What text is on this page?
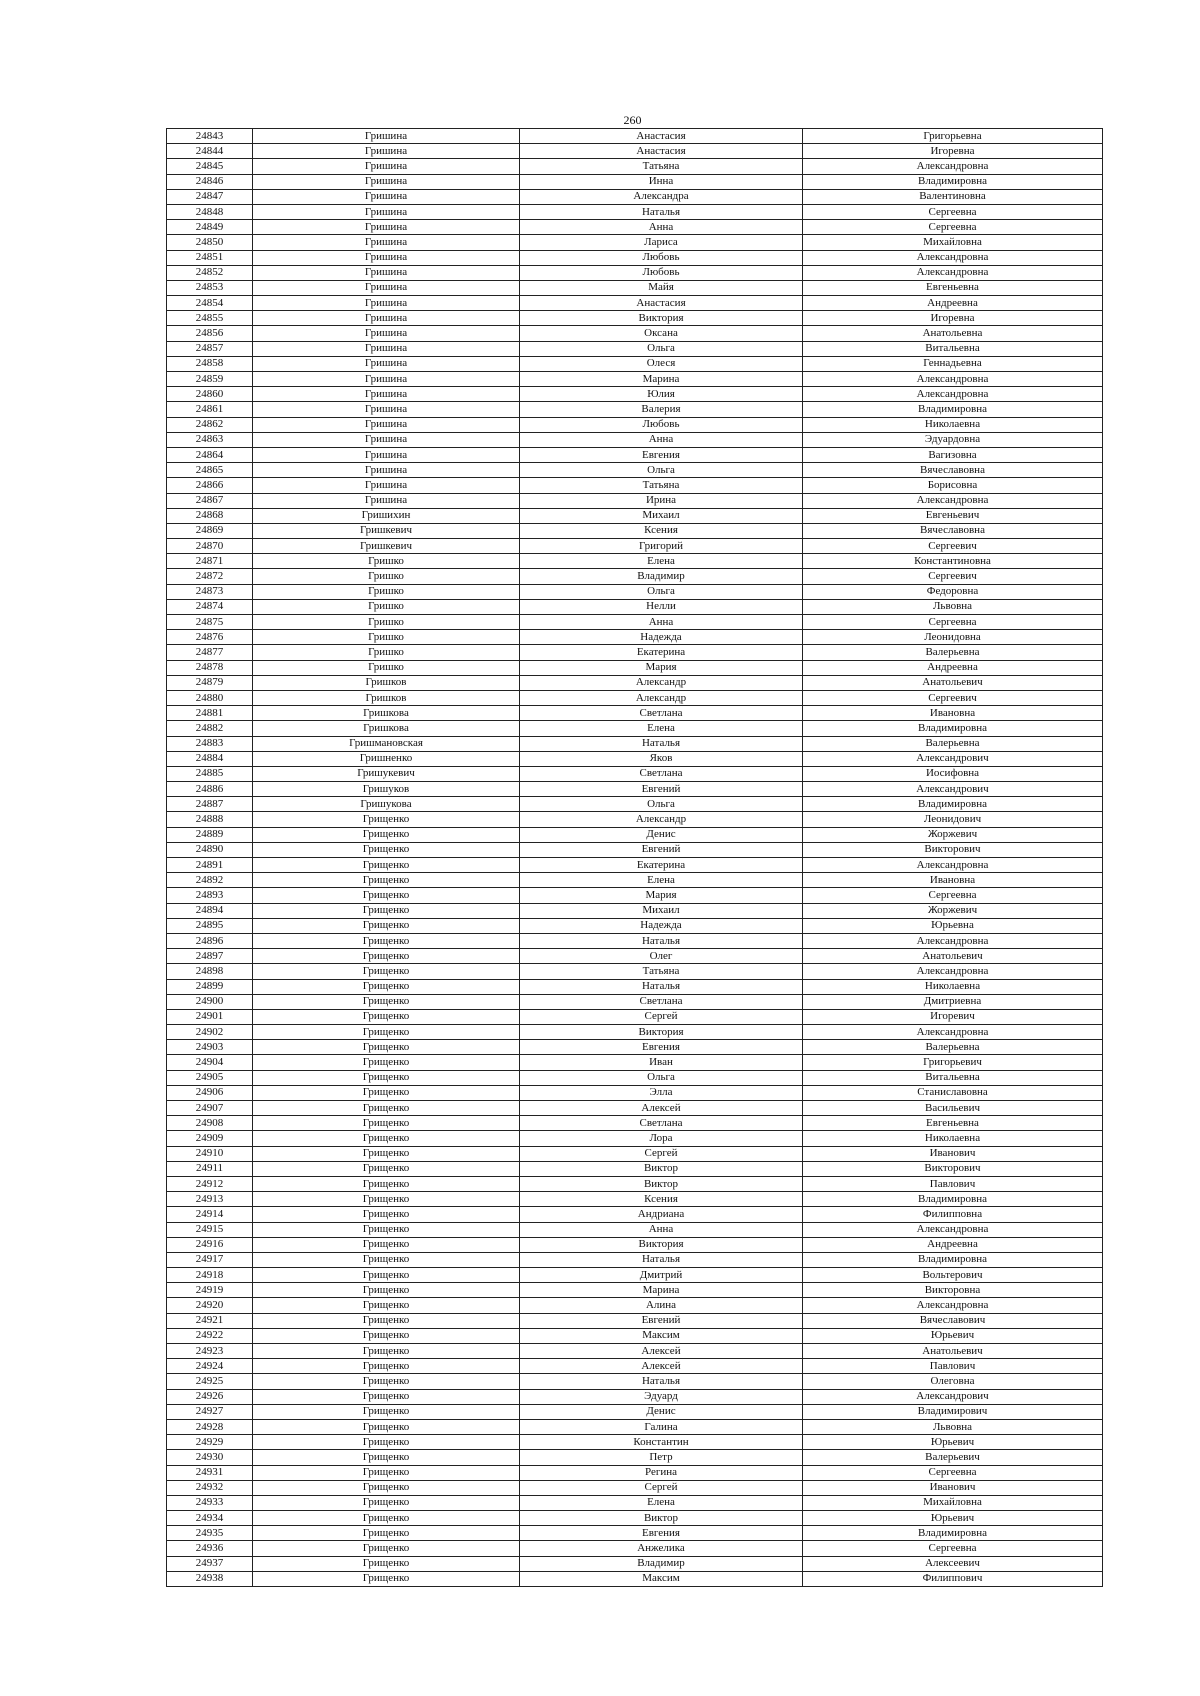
260
24843	Гришина	Анастасия	Григорьевна
24844	Гришина	Анастасия	Игоревна
24845	Гришина	Татьяна	Александровна
24846	Гришина	Инна	Владимировна
24847	Гришина	Александра	Валентиновна
24848	Гришина	Наталья	Сергеевна
24849	Гришина	Анна	Сергеевна
24850	Гришина	Лариса	Михайловна
24851	Гришина	Любовь	Александровна
24852	Гришина	Любовь	Александровна
24853	Гришина	Майя	Евгеньевна
24854	Гришина	Анастасия	Андреевна
24855	Гришина	Виктория	Игоревна
24856	Гришина	Оксана	Анатольевна
24857	Гришина	Ольга	Витальевна
24858	Гришина	Олеся	Геннадьевна
24859	Гришина	Марина	Александровна
24860	Гришина	Юлия	Александровна
24861	Гришина	Валерия	Владимировна
24862	Гришина	Любовь	Николаевна
24863	Гришина	Анна	Эдуардовна
24864	Гришина	Евгения	Вагизовна
24865	Гришина	Ольга	Вячеславовна
24866	Гришина	Татьяна	Борисовна
24867	Гришина	Ирина	Александровна
24868	Гришихин	Михаил	Евгеньевич
24869	Гришкевич	Ксения	Вячеславовна
24870	Гришкевич	Григорий	Сергеевич
24871	Гришко	Елена	Константиновна
24872	Гришко	Владимир	Сергеевич
24873	Гришко	Ольга	Федоровна
24874	Гришко	Нелли	Львовна
24875	Гришко	Анна	Сергеевна
24876	Гришко	Надежда	Леонидовна
24877	Гришко	Екатерина	Валерьевна
24878	Гришко	Мария	Андреевна
24879	Гришков	Александр	Анатольевич
24880	Гришков	Александр	Сергеевич
24881	Гришкова	Светлана	Ивановна
24882	Гришкова	Елена	Владимировна
24883	Гришмановская	Наталья	Валерьевна
24884	Гришненко	Яков	Александрович
24885	Гришукевич	Светлана	Иосифовна
24886	Гришуков	Евгений	Александрович
24887	Гришукова	Ольга	Владимировна
24888	Грищенко	Александр	Леонидович
24889	Грищенко	Денис	Жоржевич
24890	Грищенко	Евгений	Викторович
24891	Грищенко	Екатерина	Александровна
24892	Грищенко	Елена	Ивановна
24893	Грищенко	Мария	Сергеевна
24894	Грищенко	Михаил	Жоржевич
24895	Грищенко	Надежда	Юрьевна
24896	Грищенко	Наталья	Александровна
24897	Грищенко	Олег	Анатольевич
24898	Грищенко	Татьяна	Александровна
24899	Грищенко	Наталья	Николаевна
24900	Грищенко	Светлана	Дмитриевна
24901	Грищенко	Сергей	Игоревич
24902	Грищенко	Виктория	Александровна
24903	Грищенко	Евгения	Валерьевна
24904	Грищенко	Иван	Григорьевич
24905	Грищенко	Ольга	Витальевна
24906	Грищенко	Элла	Станиславовна
24907	Грищенко	Алексей	Васильевич
24908	Грищенко	Светлана	Евгеньевна
24909	Грищенко	Лора	Николаевна
24910	Грищенко	Сергей	Иванович
24911	Грищенко	Виктор	Викторович
24912	Грищенко	Виктор	Павлович
24913	Грищенко	Ксения	Владимировна
24914	Грищенко	Андриана	Филипповна
24915	Грищенко	Анна	Александровна
24916	Грищенко	Виктория	Андреевна
24917	Грищенко	Наталья	Владимировна
24918	Грищенко	Дмитрий	Вольтерович
24919	Грищенко	Марина	Викторовна
24920	Грищенко	Алина	Александровна
24921	Грищенко	Евгений	Вячеславович
24922	Грищенко	Максим	Юрьевич
24923	Грищенко	Алексей	Анатольевич
24924	Грищенко	Алексей	Павлович
24925	Грищенко	Наталья	Олеговна
24926	Грищенко	Эдуард	Александрович
24927	Грищенко	Денис	Владимирович
24928	Грищенко	Галина	Львовна
24929	Грищенко	Константин	Юрьевич
24930	Грищенко	Петр	Валерьевич
24931	Грищенко	Регина	Сергеевна
24932	Грищенко	Сергей	Иванович
24933	Грищенко	Елена	Михайловна
24934	Грищенко	Виктор	Юрьевич
24935	Грищенко	Евгения	Владимировна
24936	Грищенко	Анжелика	Сергеевна
24937	Грищенко	Владимир	Алексеевич
24938	Грищенко	Максим	Филиппович
